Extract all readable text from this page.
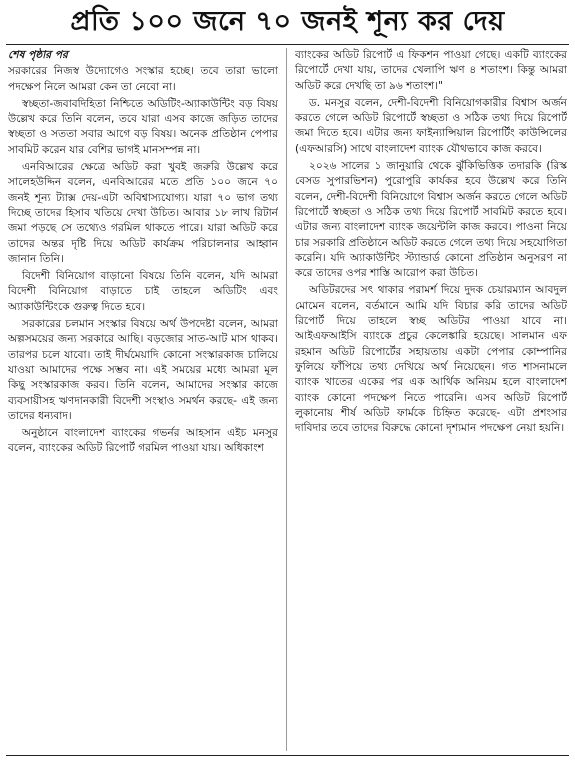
প্রতি ১০০ জনে ৭০ জনই শূন্য কর দেয়
শেষ পৃষ্ঠার পর

সরকারের নিজস্ব উদ্যোগেও সংস্কার হচ্ছে। তবে তারা ভালো পদক্ষেপ নিলে আমরা কেন তা নেবো না।

স্বচ্ছতা-জবাবদিহিতা নিশ্চিতে অডিটিং-অ্যাকাউন্টিং বড় বিষয় উল্লেখ করে তিনি বলেন, তবে যারা এসব কাজে জড়িত তাদের স্বচ্ছতা ও সততা সবার আগে বড় বিষয়। অনেক প্রতিষ্ঠান পেপার সাবমিট করেন যার বেশির ভাগই মানসম্পন্ন না।

এনবিআরের ক্ষেত্রে অডিট করা খুবই জরুরি উল্লেখ করে সালেহউদ্দিন বলেন, এনবিআরের মতে প্রতি ১০০ জনে ৭০ জনই শূন্য ট্যাক্স দেয়-এটা অবিশ্বাস্যযোগ্য। যারা ৭০ ভাগ তথ্য দিচ্ছে তাদের হিসাব খতিয়ে দেখা উচিত। আবার ১৮ লাখ রিটার্ন জমা পড়ছে সে তথ্যেও গরমিল থাকতে পারে। যারা অডিট করে তাদের অন্তর দৃষ্টি দিয়ে অডিট কার্যক্রম পরিচালনার আহ্বান জানান তিনি।

বিদেশী বিনিয়োগ বাড়ানো বিষয়ে তিনি বলেন, যদি আমরা বিদেশী বিনিয়োগ বাড়াতে চাই তাহলে অডিটিং এবং অ্যাকাউন্টিংকে গুরুত্ব দিতে হবে।

সরকারের চলমান সংস্কার বিষয়ে অর্থ উপদেষ্টা বলেন, আমরা অল্পসময়ের জন্য সরকারে আছি। বড়জোর সাত-আট মাস থাকব। তারপর চলে যাবো। তাই দীর্ঘমেয়াদি কোনো সংস্কারকাজ চালিয়ে যাওয়া আমাদের পক্ষে সম্ভব না। এই সময়ের মধ্যে আমরা মূল কিছু সংস্কারকাজ করব। তিনি বলেন, আমাদের সংস্কার কাজে ব্যবসায়ীসহ ঋণদানকারী বিদেশী সংস্থাও সমর্থন করছে- এই জন্য তাদের ধন্যবাদ।

অনুষ্ঠানে বাংলাদেশ ব্যাংকের গভর্নর আহসান এইচ মনসুর বলেন, ব্যাংকের অডিট রিপোর্ট গরমিল পাওয়া যায়। অধিকাংশ

ব্যাংকের অডিট রিপোর্ট এ ফিকশন পাওয়া গেছে। একটি ব্যাংকের রিপোর্টে দেখা যায়, তাদের খেলাপি ঋণ ৪ শতাংশ। কিন্তু আমরা অডিট করে দেখছি তা ৯৬ শতাংশ।"

ড. মনসুর বলেন, দেশী-বিদেশী বিনিয়োগকারীর বিশ্বাস অর্জন করতে গেলে অডিট রিপোর্টে স্বচ্ছতা ও সঠিক তথ্য দিয়ে রিপোর্ট জমা দিতে হবে। এটার জন্য ফাইন্যান্সিয়াল রিপোর্টিং কাউন্সিলের (এফআরসি) সাথে বাংলাদেশ ব্যাংক যৌথভাবে কাজ করবে।

২০২৬ সালের ১ জানুয়ারি থেকে ঝুঁকিভিত্তিক তদারকি (রিস্ক বেসড সুপারভিশন) পুরোপুরি কার্যকর হবে উল্লেখ করে তিনি বলেন, দেশী-বিদেশী বিনিয়োগে বিশ্বাস অর্জন করতে গেলে অডিট রিপোর্টে স্বচ্ছতা ও সঠিক তথ্য দিয়ে রিপোর্ট সাবমিট করতে হবে। এটার জন্য বাংলাদেশ ব্যাংক জয়েন্টলি কাজ করবে। পাওনা নিয়ে চার সরকারি প্রতিষ্ঠানে অডিট করতে গেলে তথ্য দিয়ে সহযোগিতা করেনি। যদি অ্যাকাউন্টিং স্ট্যান্ডার্ড কোনো প্রতিষ্ঠান অনুসরণ না করে তাদের ওপর শাস্তি আরোপ করা উচিত।

অডিটরদের সৎ থাকার পরামর্শ দিয়ে দুদক চেয়ারম্যান আবদুল মোমেন বলেন, বর্তমানে আমি যদি বিচার করি তাদের অডিট রিপোর্ট দিয়ে তাহলে স্বচ্ছ অডিটর পাওয়া যাবে না। আইএফআইসি ব্যাংকে প্রচুর কেলেঙ্কারি হয়েছে। সালমান এফ রহমান অডিট রিপোর্টের সহায়তায় একটা পেপার কোম্পানির ফুলিয়ে ফাঁপিয়ে তথ্য দেখিয়ে অর্থ নিয়েছেন। গত শাসনামলে ব্যাংক খাতের একের পর এক আর্থিক অনিয়ম হলে বাংলাদেশ ব্যাংক কোনো পদক্ষেপ নিতে পারেনি। এসব অডিট রিপোর্ট লুকানোয় শীর্ষ অডিট ফার্মকে চিহ্নিত করেছে- এটা প্রশংসার দাবিদার তবে তাদের বিরুদ্ধে কোনো দৃশ্যমান পদক্ষেপ নেয়া হয়নি।
